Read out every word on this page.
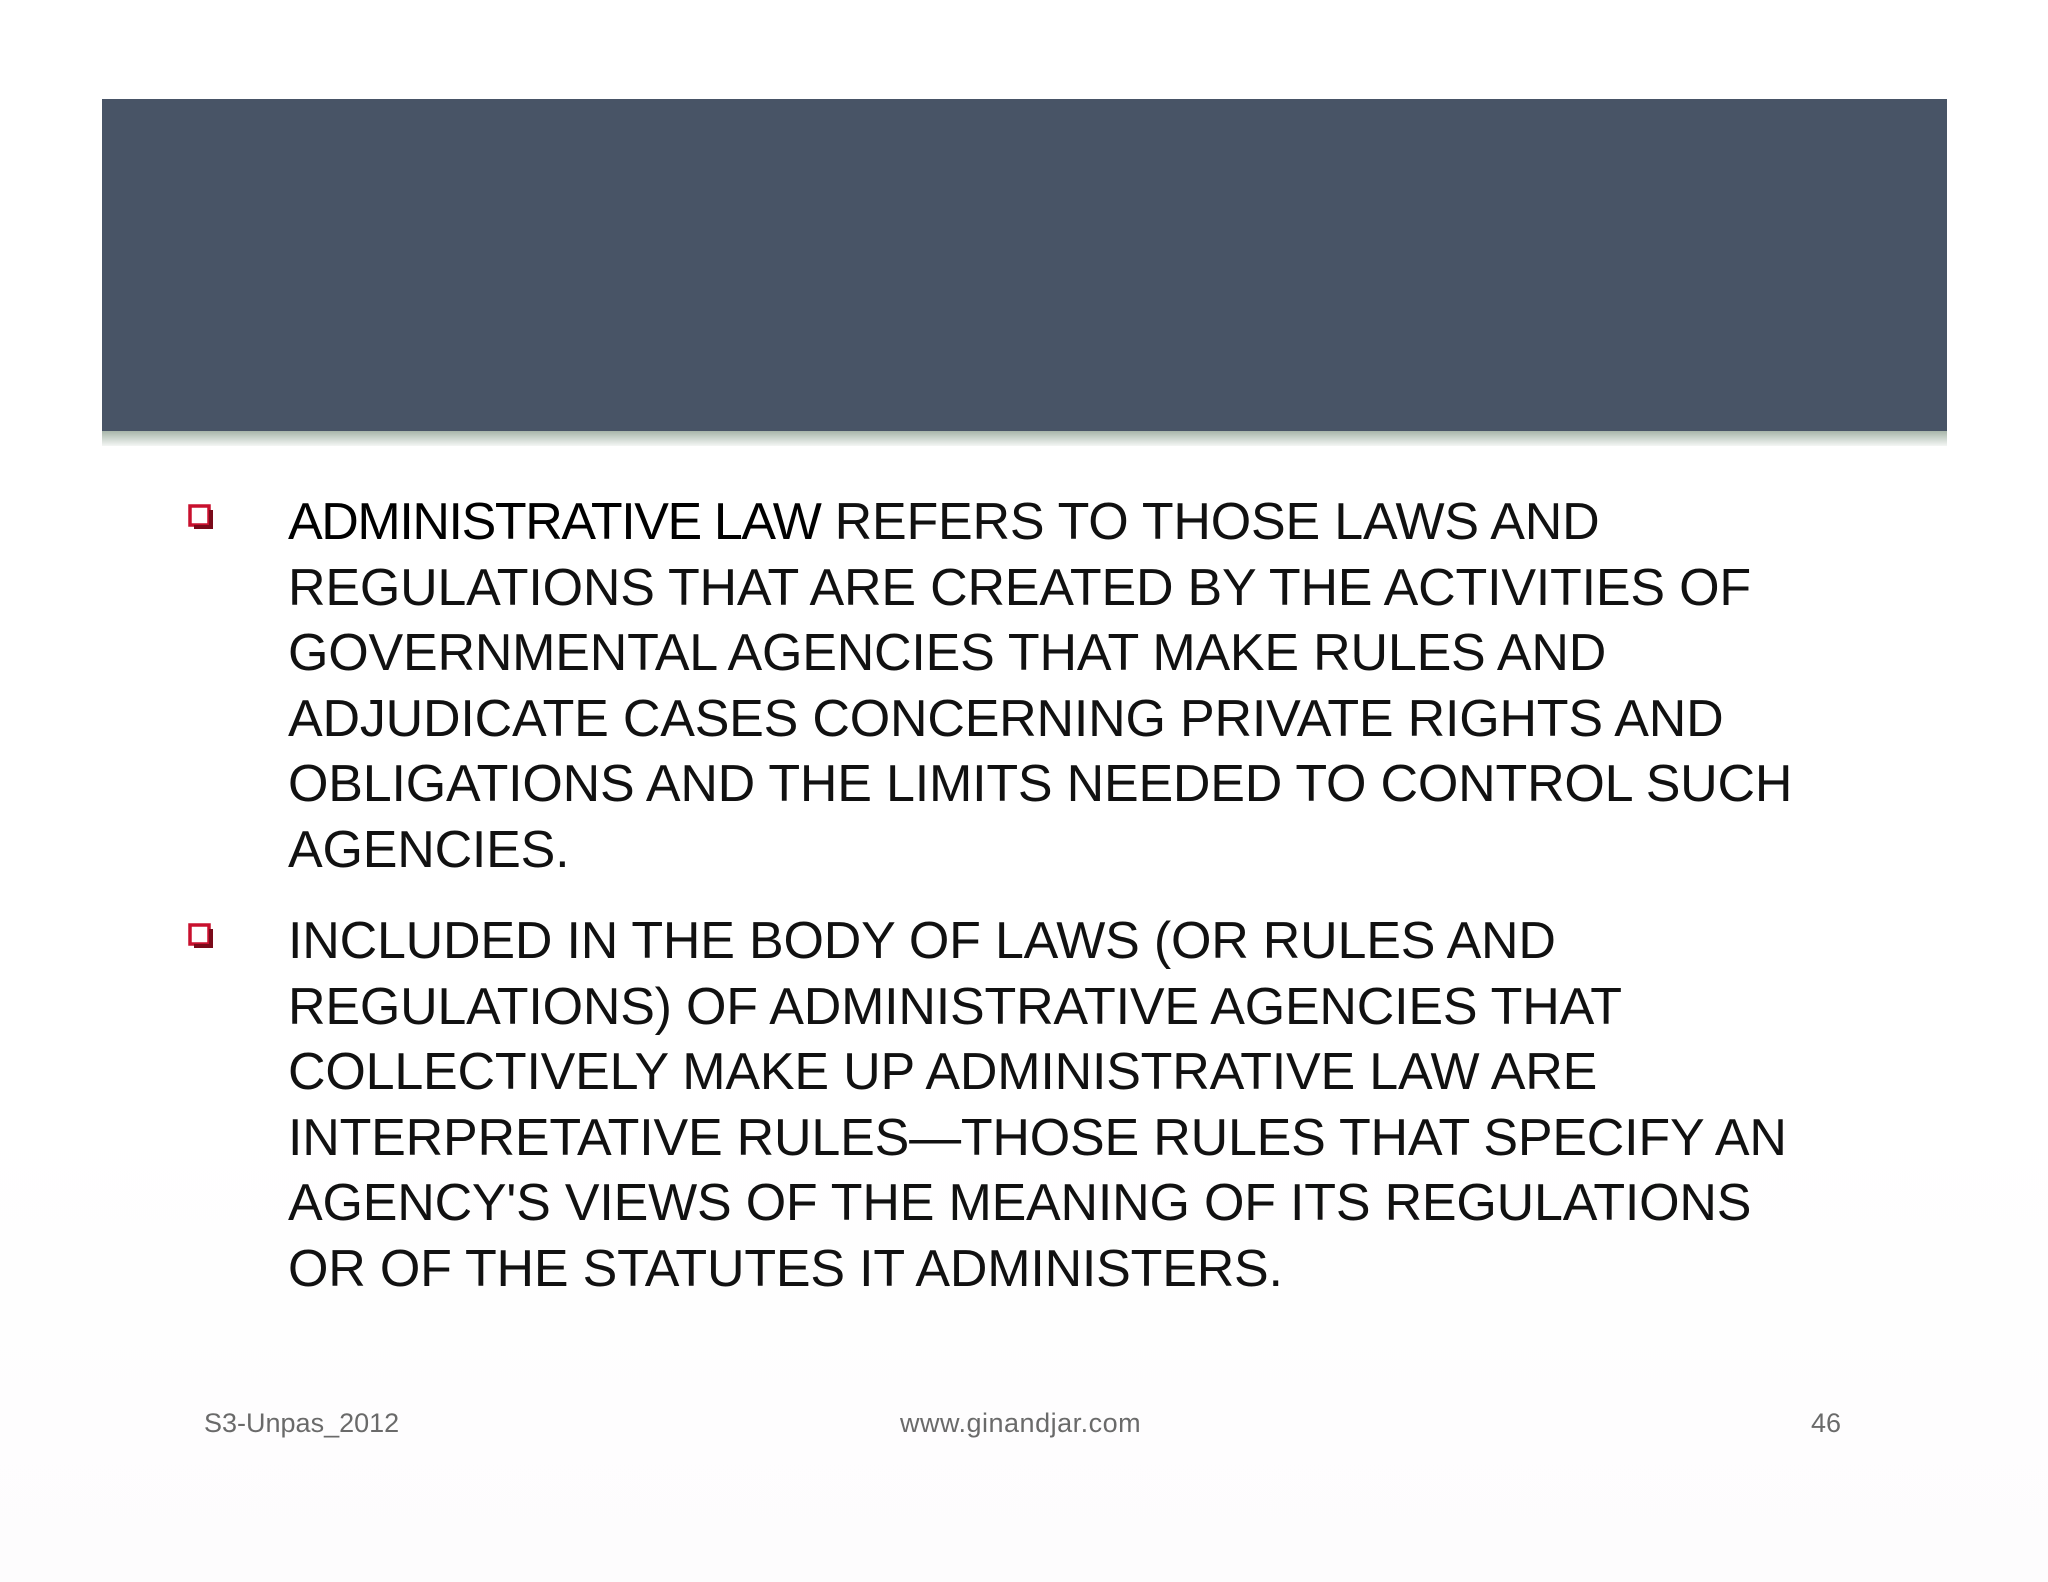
ADMINISTRATIVE LAW REFERS TO THOSE LAWS AND REGULATIONS THAT ARE CREATED BY THE ACTIVITIES OF GOVERNMENTAL AGENCIES THAT MAKE RULES AND ADJUDICATE CASES CONCERNING PRIVATE RIGHTS AND OBLIGATIONS AND THE LIMITS NEEDED TO CONTROL SUCH AGENCIES.
INCLUDED IN THE BODY OF LAWS (OR RULES AND REGULATIONS) OF ADMINISTRATIVE AGENCIES THAT COLLECTIVELY MAKE UP ADMINISTRATIVE LAW ARE INTERPRETATIVE RULES—THOSE RULES THAT SPECIFY AN AGENCY'S VIEWS OF THE MEANING OF ITS REGULATIONS OR OF THE STATUTES IT ADMINISTERS.
S3-Unpas_2012	www.ginandjar.com	46
